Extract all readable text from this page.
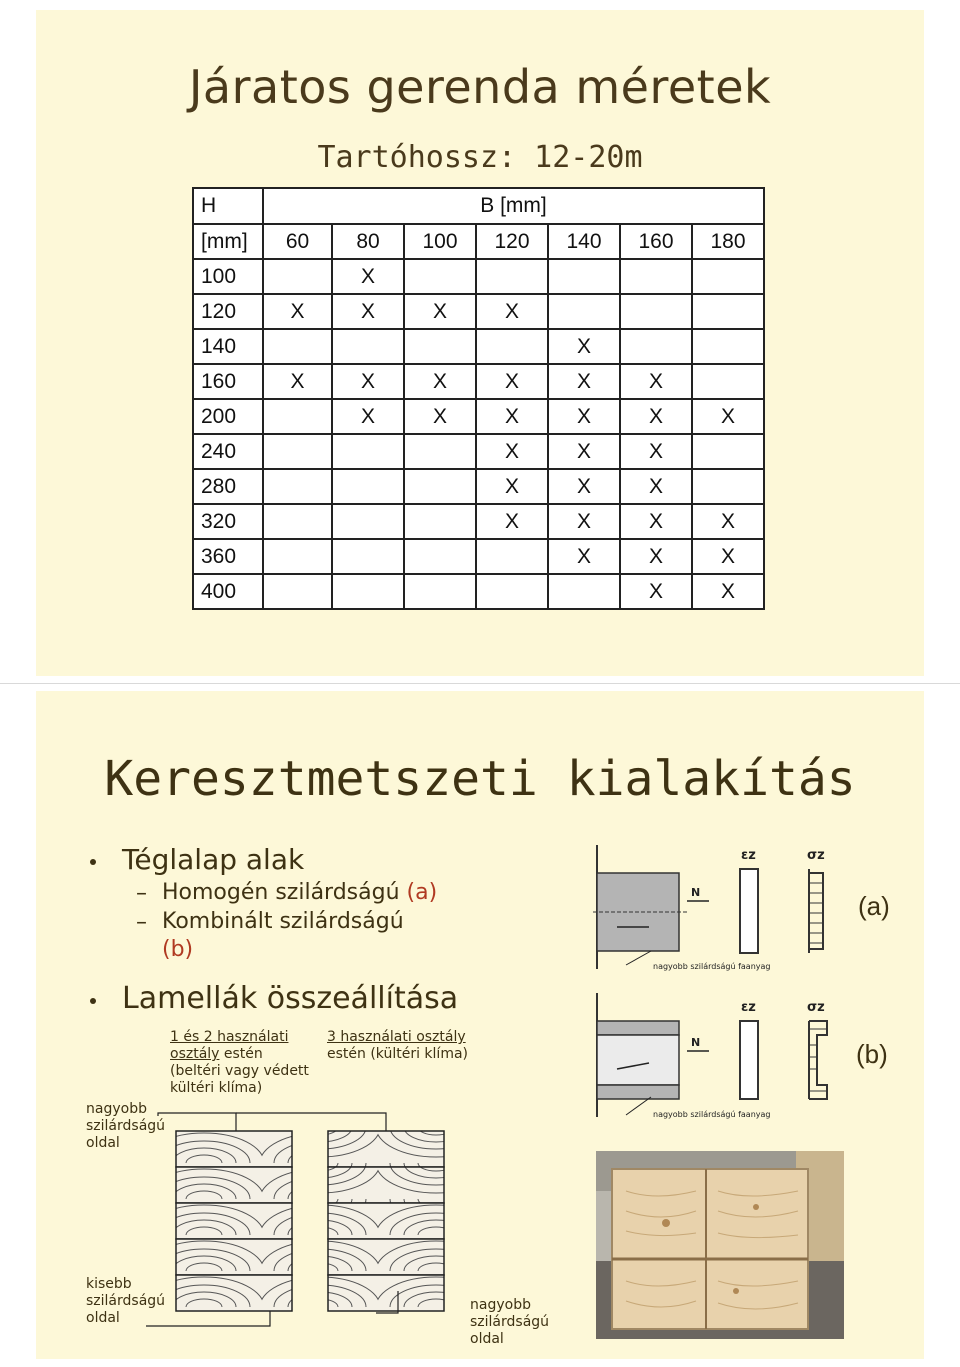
Járatos gerenda méretek
Tartóhossz: 12-20m
H	B [mm]						
[mm]	60	80	100	120	140	160	180
100		X					
120	X	X	X	X			
140					X		
160	X	X	X	X	X	X	
200		X	X	X	X	X	X
240				X	X	X	
280				X	X	X	
320				X	X	X	X
360					X	X	X
400						X	X
Keresztmetszeti kialakítás
Téglalap alak
– Homogén szilárdságú (a)
– Kombinált szilárdságú
(b)
Lamellák összeállítása
1 és 2 használati
osztály estén
(beltéri vagy védett
kültéri klíma)
3 használati osztály
estén (kültéri klíma)
nagyobb
szilárdságú
oldal
kisebb
szilárdságú
oldal
nagyobb
szilárdságú
oldal
N
εz	σz
nagyobb szilárdságú faanyag
N
εz	σz
nagyobb szilárdságú faanyag
(a)
(b)
